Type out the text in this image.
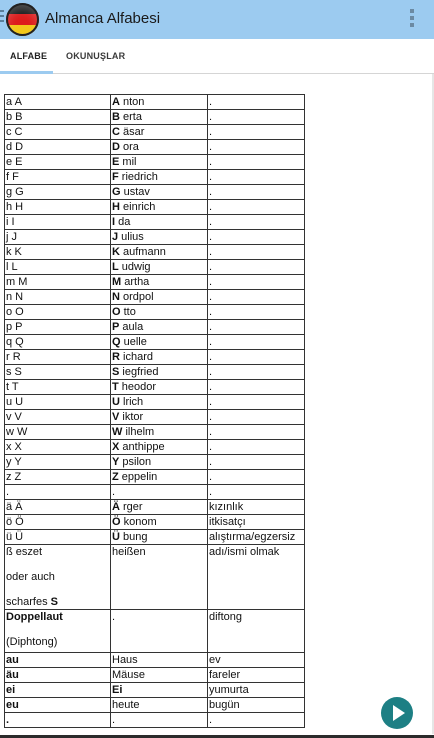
Almanca Alfabesi
ALFABE OKUNUŞLAR
a A	A nton	.
b B	B erta	.
c C	C äsar	.
d D	D ora	.
e E	E mil	.
f F	F riedrich	.
g G	G ustav	.
h H	H einrich	.
i I	I da	.
j J	J ulius	.
k K	K aufmann	.
l L	L udwig	.
m M	M artha	.
n N	N ordpol	.
o O	O tto	.
p P	P aula	.
q Q	Q uelle	.
r R	R ichard	.
s S	S iegfried	.
t T	T heodor	.
u U	U lrich	.
v V	V iktor	.
w W	W ilhelm	.
x X	X anthippe	.
y Y	Y psilon	.
z Z	Z eppelin	.
.	.	.
ä Ä	Ä rger	kızınlık
ö Ö	Ö konom	itkisatçı
ü Ü	Ü bung	alıştırma/egzersiz
ß eszet
oder auch
scharfes S	heißen	adı/ismi olmak

Doppellaut
(Diphtong)	.	diftong
au	Haus	ev
äu	Mäuse	fareler
ei	Ei	yumurta
eu	heute	bugün
.	.	.
